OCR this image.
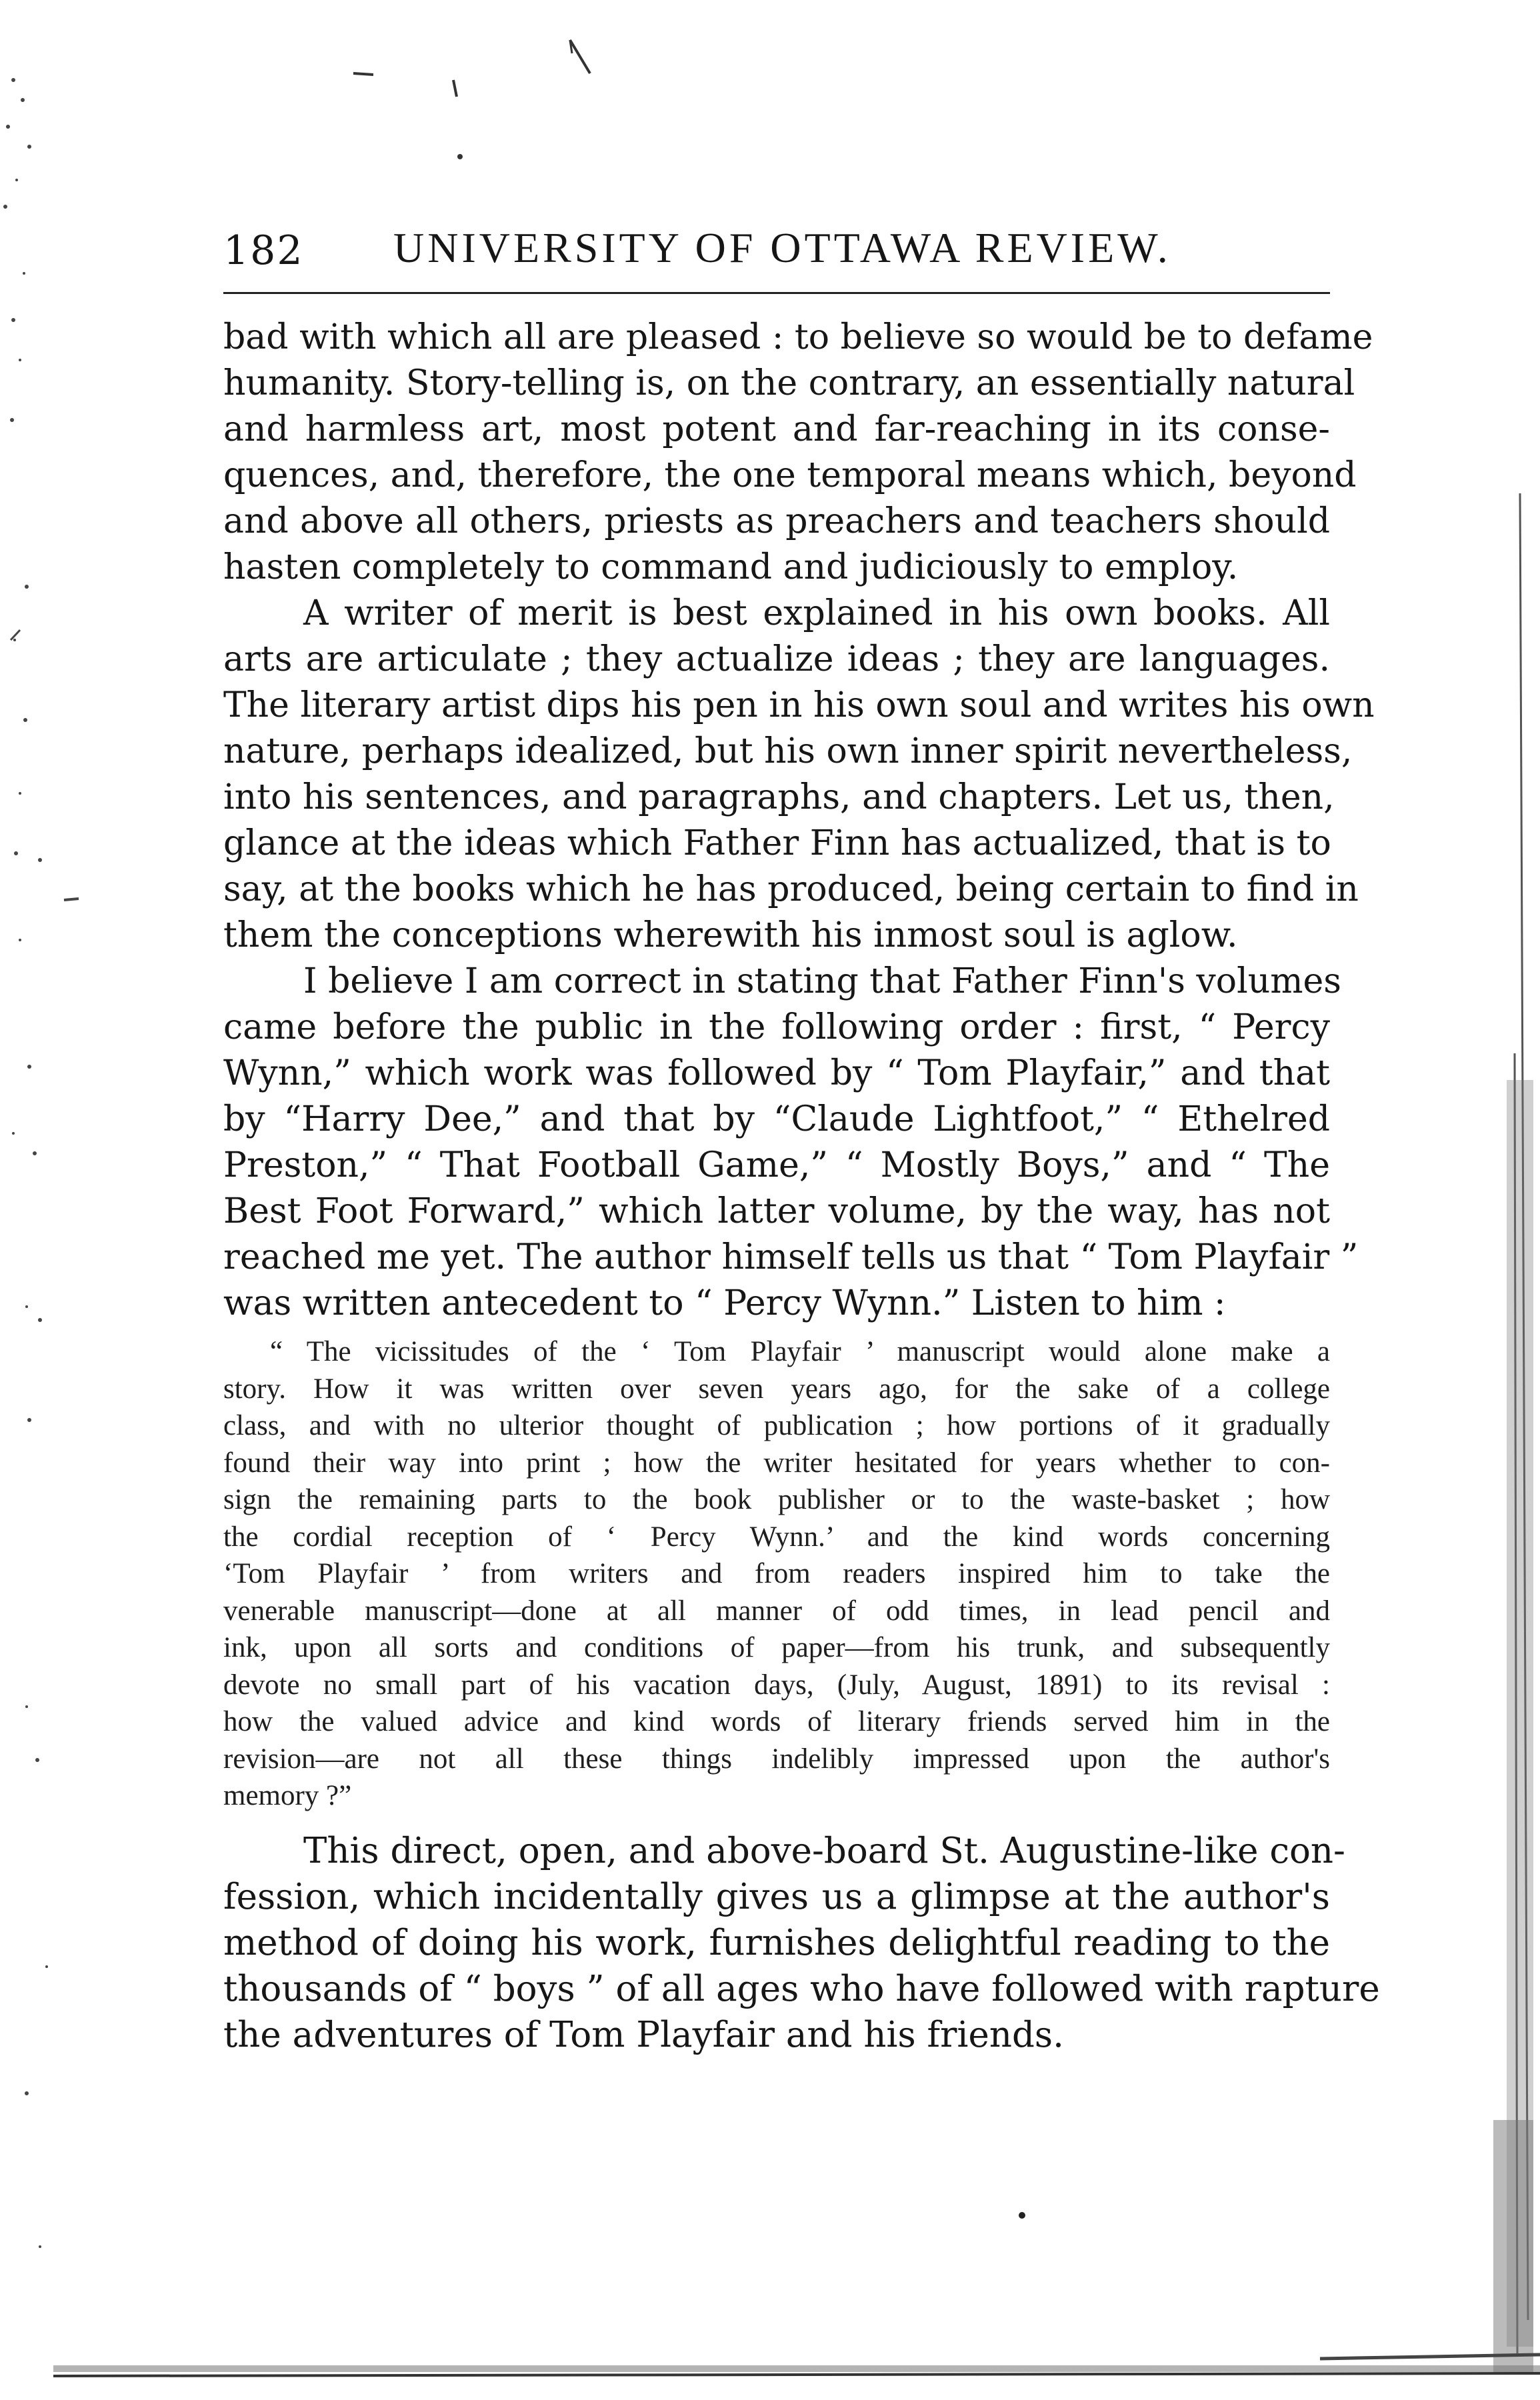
182 UNIVERSITY OF OTTAWA REVIEW.
bad with which all are pleased : to believe so would be to defame
humanity. Story-telling is, on the contrary, an essentially natural
and harmless art, most potent and far-reaching in its conse-
quences, and, therefore, the one temporal means which, beyond
and above all others, priests as preachers and teachers should
hasten completely to command and judiciously to employ.
A writer of merit is best explained in his own books. All
arts are articulate ; they actualize ideas ; they are languages.
The literary artist dips his pen in his own soul and writes his own
nature, perhaps idealized, but his own inner spirit nevertheless,
into his sentences, and paragraphs, and chapters. Let us, then,
glance at the ideas which Father Finn has actualized, that is to
say, at the books which he has produced, being certain to find in
them the conceptions wherewith his inmost soul is aglow.
I believe I am correct in stating that Father Finn's volumes
came before the public in the following order : first, “ Percy
Wynn,” which work was followed by “ Tom Playfair,” and that
by “Harry Dee,” and that by “Claude Lightfoot,” “ Ethelred
Preston,” “ That Football Game,” “ Mostly Boys,” and “ The
Best Foot Forward,” which latter volume, by the way, has not
reached me yet. The author himself tells us that “ Tom Playfair ”
was written antecedent to “ Percy Wynn.” Listen to him :
“ The vicissitudes of the ‘ Tom Playfair ’ manuscript would alone make a
story. How it was written over seven years ago, for the sake of a college
class, and with no ulterior thought of publication ; how portions of it gradually
found their way into print ; how the writer hesitated for years whether to con-
sign the remaining parts to the book publisher or to the waste-basket ; how
the cordial reception of ‘ Percy Wynn.’ and the kind words concerning
‘Tom Playfair ’ from writers and from readers inspired him to take the
venerable manuscript—done at all manner of odd times, in lead pencil and
ink, upon all sorts and conditions of paper—from his trunk, and subsequently
devote no small part of his vacation days, (July, August, 1891) to its revisal :
how the valued advice and kind words of literary friends served him in the
revision—are not all these things indelibly impressed upon the author's
memory ?”
This direct, open, and above-board St. Augustine-like con-
fession, which incidentally gives us a glimpse at the author's
method of doing his work, furnishes delightful reading to the
thousands of “ boys ” of all ages who have followed with rapture
the adventures of Tom Playfair and his friends.
